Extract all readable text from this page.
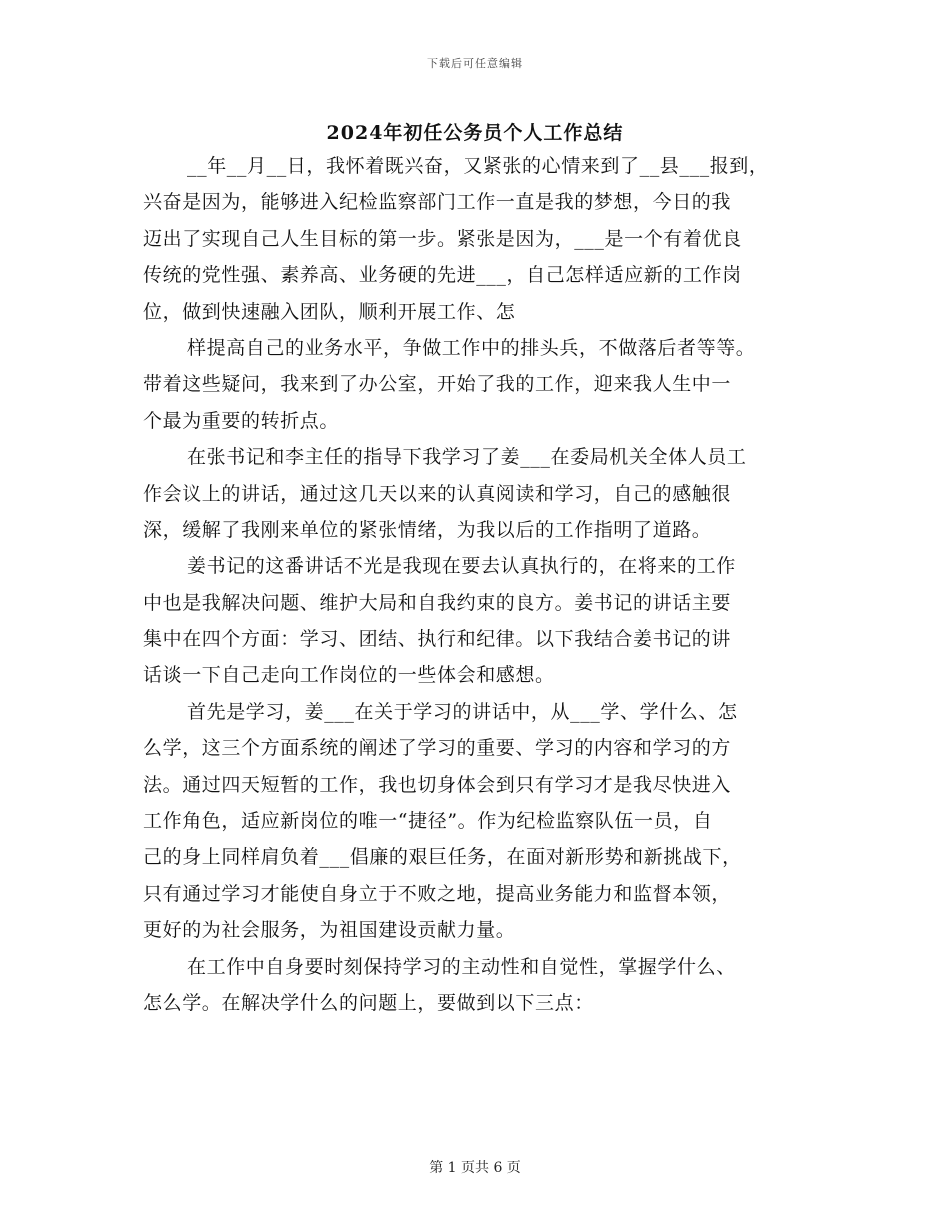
下载后可任意编辑
2024年初任公务员个人工作总结
__年__月__日，我怀着既兴奋，又紧张的心情来到了__县___报到，
兴奋是因为，能够进入纪检监察部门工作一直是我的梦想，今日的我
迈出了实现自己人生目标的第一步。紧张是因为，___是一个有着优良
传统的党性强、素养高、业务硬的先进___，自己怎样适应新的工作岗
位，做到快速融入团队，顺利开展工作、怎
样提高自己的业务水平，争做工作中的排头兵，不做落后者等等。
带着这些疑问，我来到了办公室，开始了我的工作，迎来我人生中一
个最为重要的转折点。
在张书记和李主任的指导下我学习了姜___在委局机关全体人员工
作会议上的讲话，通过这几天以来的认真阅读和学习，自己的感触很
深，缓解了我刚来单位的紧张情绪，为我以后的工作指明了道路。
姜书记的这番讲话不光是我现在要去认真执行的，在将来的工作
中也是我解决问题、维护大局和自我约束的良方。姜书记的讲话主要
集中在四个方面：学习、团结、执行和纪律。以下我结合姜书记的讲
话谈一下自己走向工作岗位的一些体会和感想。
首先是学习，姜___在关于学习的讲话中，从___学、学什么、怎
么学，这三个方面系统的阐述了学习的重要、学习的内容和学习的方
法。通过四天短暂的工作，我也切身体会到只有学习才是我尽快进入
工作角色，适应新岗位的唯一“捷径”。作为纪检监察队伍一员，自
己的身上同样肩负着___倡廉的艰巨任务，在面对新形势和新挑战下，
只有通过学习才能使自身立于不败之地，提高业务能力和监督本领，
更好的为社会服务，为祖国建设贡献力量。
在工作中自身要时刻保持学习的主动性和自觉性，掌握学什么、
怎么学。在解决学什么的问题上，要做到以下三点：
第 1 页共 6 页
